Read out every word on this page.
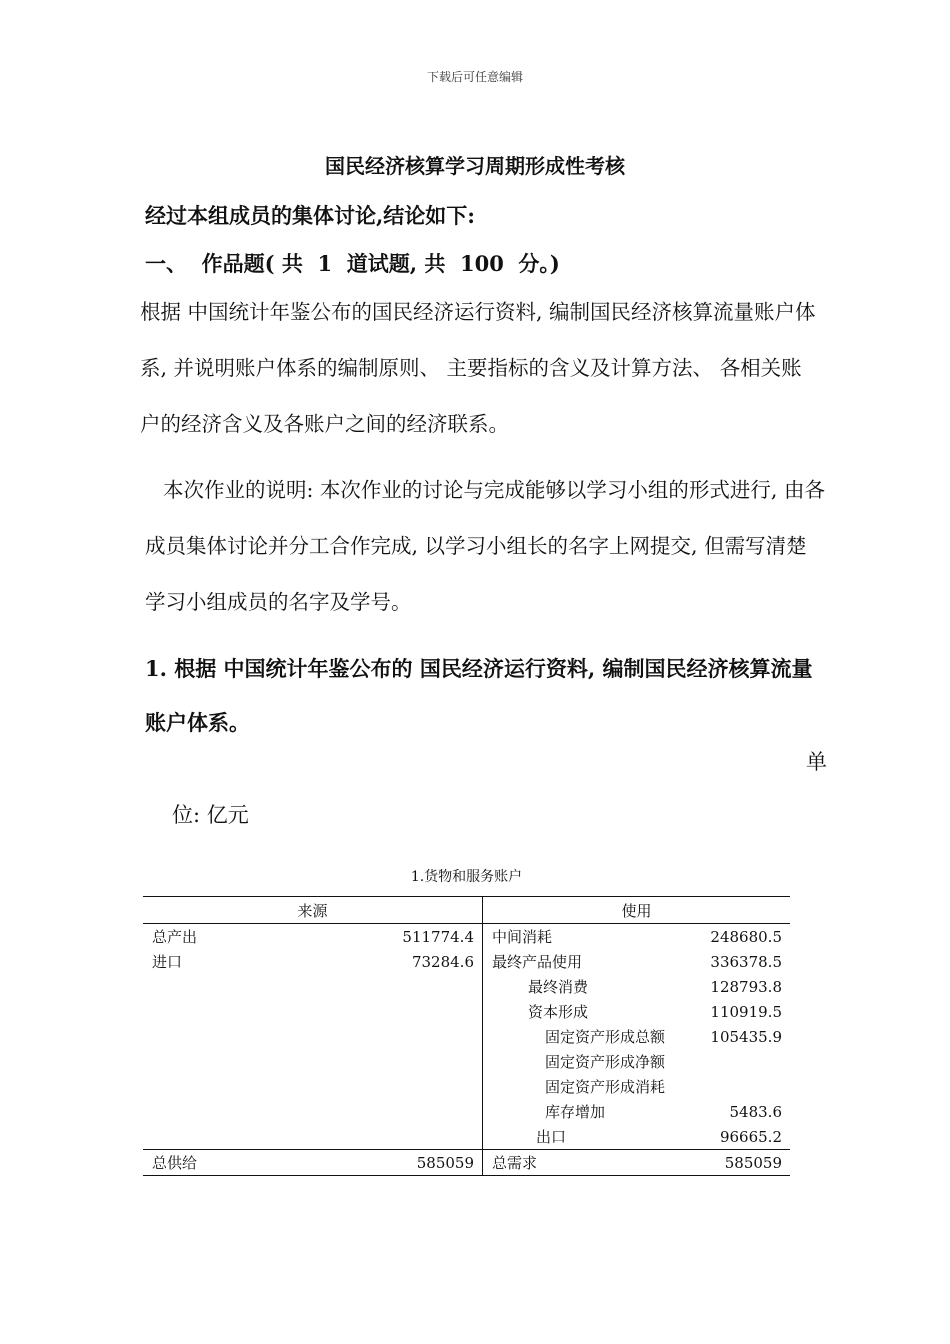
下载后可任意编辑
国民经济核算学习周期形成性考核
经过本组成员的集体讨论,结论如下:
一、  作品题( 共  1  道试题, 共  100  分。)
根据 中国统计年鉴公布的国民经济运行资料, 编制国民经济核算流量账户体系, 并说明账户体系的编制原则、 主要指标的含义及计算方法、 各相关账户的经济含义及各账户之间的经济联系。
本次作业的说明: 本次作业的讨论与完成能够以学习小组的形式进行, 由各成员集体讨论并分工合作完成, 以学习小组长的名字上网提交, 但需写清楚学习小组成员的名字及学号。
1. 根据 中国统计年鉴公布的 国民经济运行资料, 编制国民经济核算流量账户体系。
单
位: 亿元
1.货物和服务账户
来源		使用	
总产出	511774.4	中间消耗	248680.5
进口	73284.6	最终产品使用	336378.5
		最终消费	128793.8
		资本形成	110919.5
		固定资产形成总额	105435.9
		固定资产形成净额	
		固定资产形成消耗	
		库存增加	5483.6
		出口	96665.2
总供给	585059	总需求	585059
